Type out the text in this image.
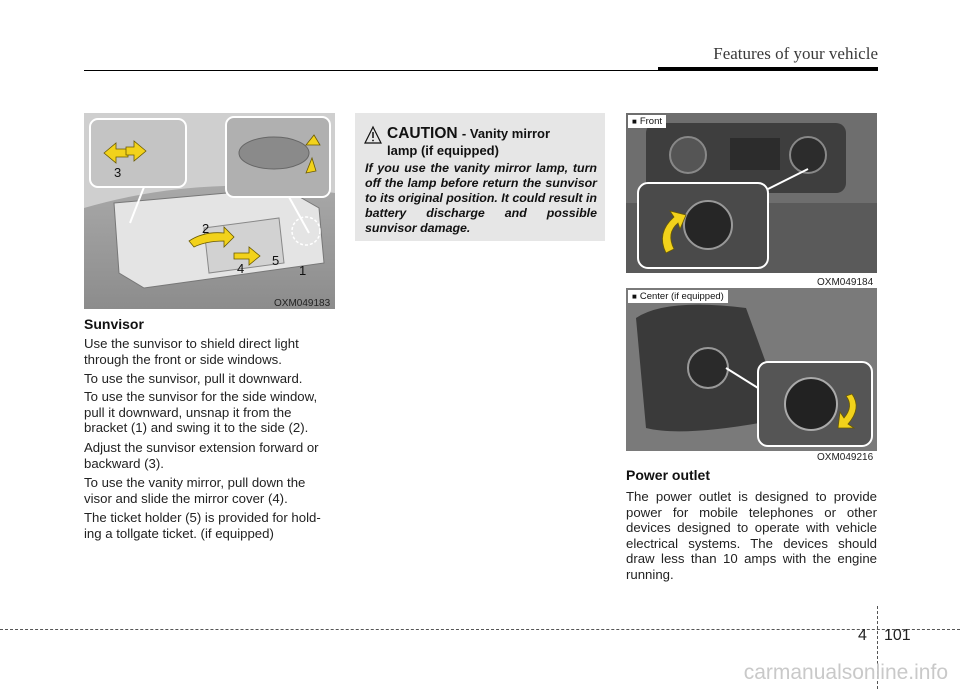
Features of your vehicle
1
2
3
4
5
OXM049183
Sunvisor

Use the sunvisor to shield direct light through the front or side windows.

To use the sunvisor, pull it downward.

To use the sunvisor for the side window, pull it downward, unsnap it from the bracket (1) and swing it to the side (2).

Adjust the sunvisor extension forward or backward (3).

To use the vanity mirror, pull down the visor and slide the mirror cover (4).

The ticket holder (5) is provided for hold- ing a tollgate ticket. (if equipped)

CAUTION - Vanity mirror
lamp (if equipped)

If you use the vanity mirror lamp, turn off the lamp before return the sunvisor to its original position. It could result in battery discharge and possible sunvisor damage.

■ Front
OXM049184
■ Center (if equipped)
OXM049216
Power outlet

The power outlet is designed to provide power for mobile telephones or other devices designed to operate with vehicle electrical systems. The devices should draw less than 10 amps with the engine running.

4 101
carmanualsonline.info
